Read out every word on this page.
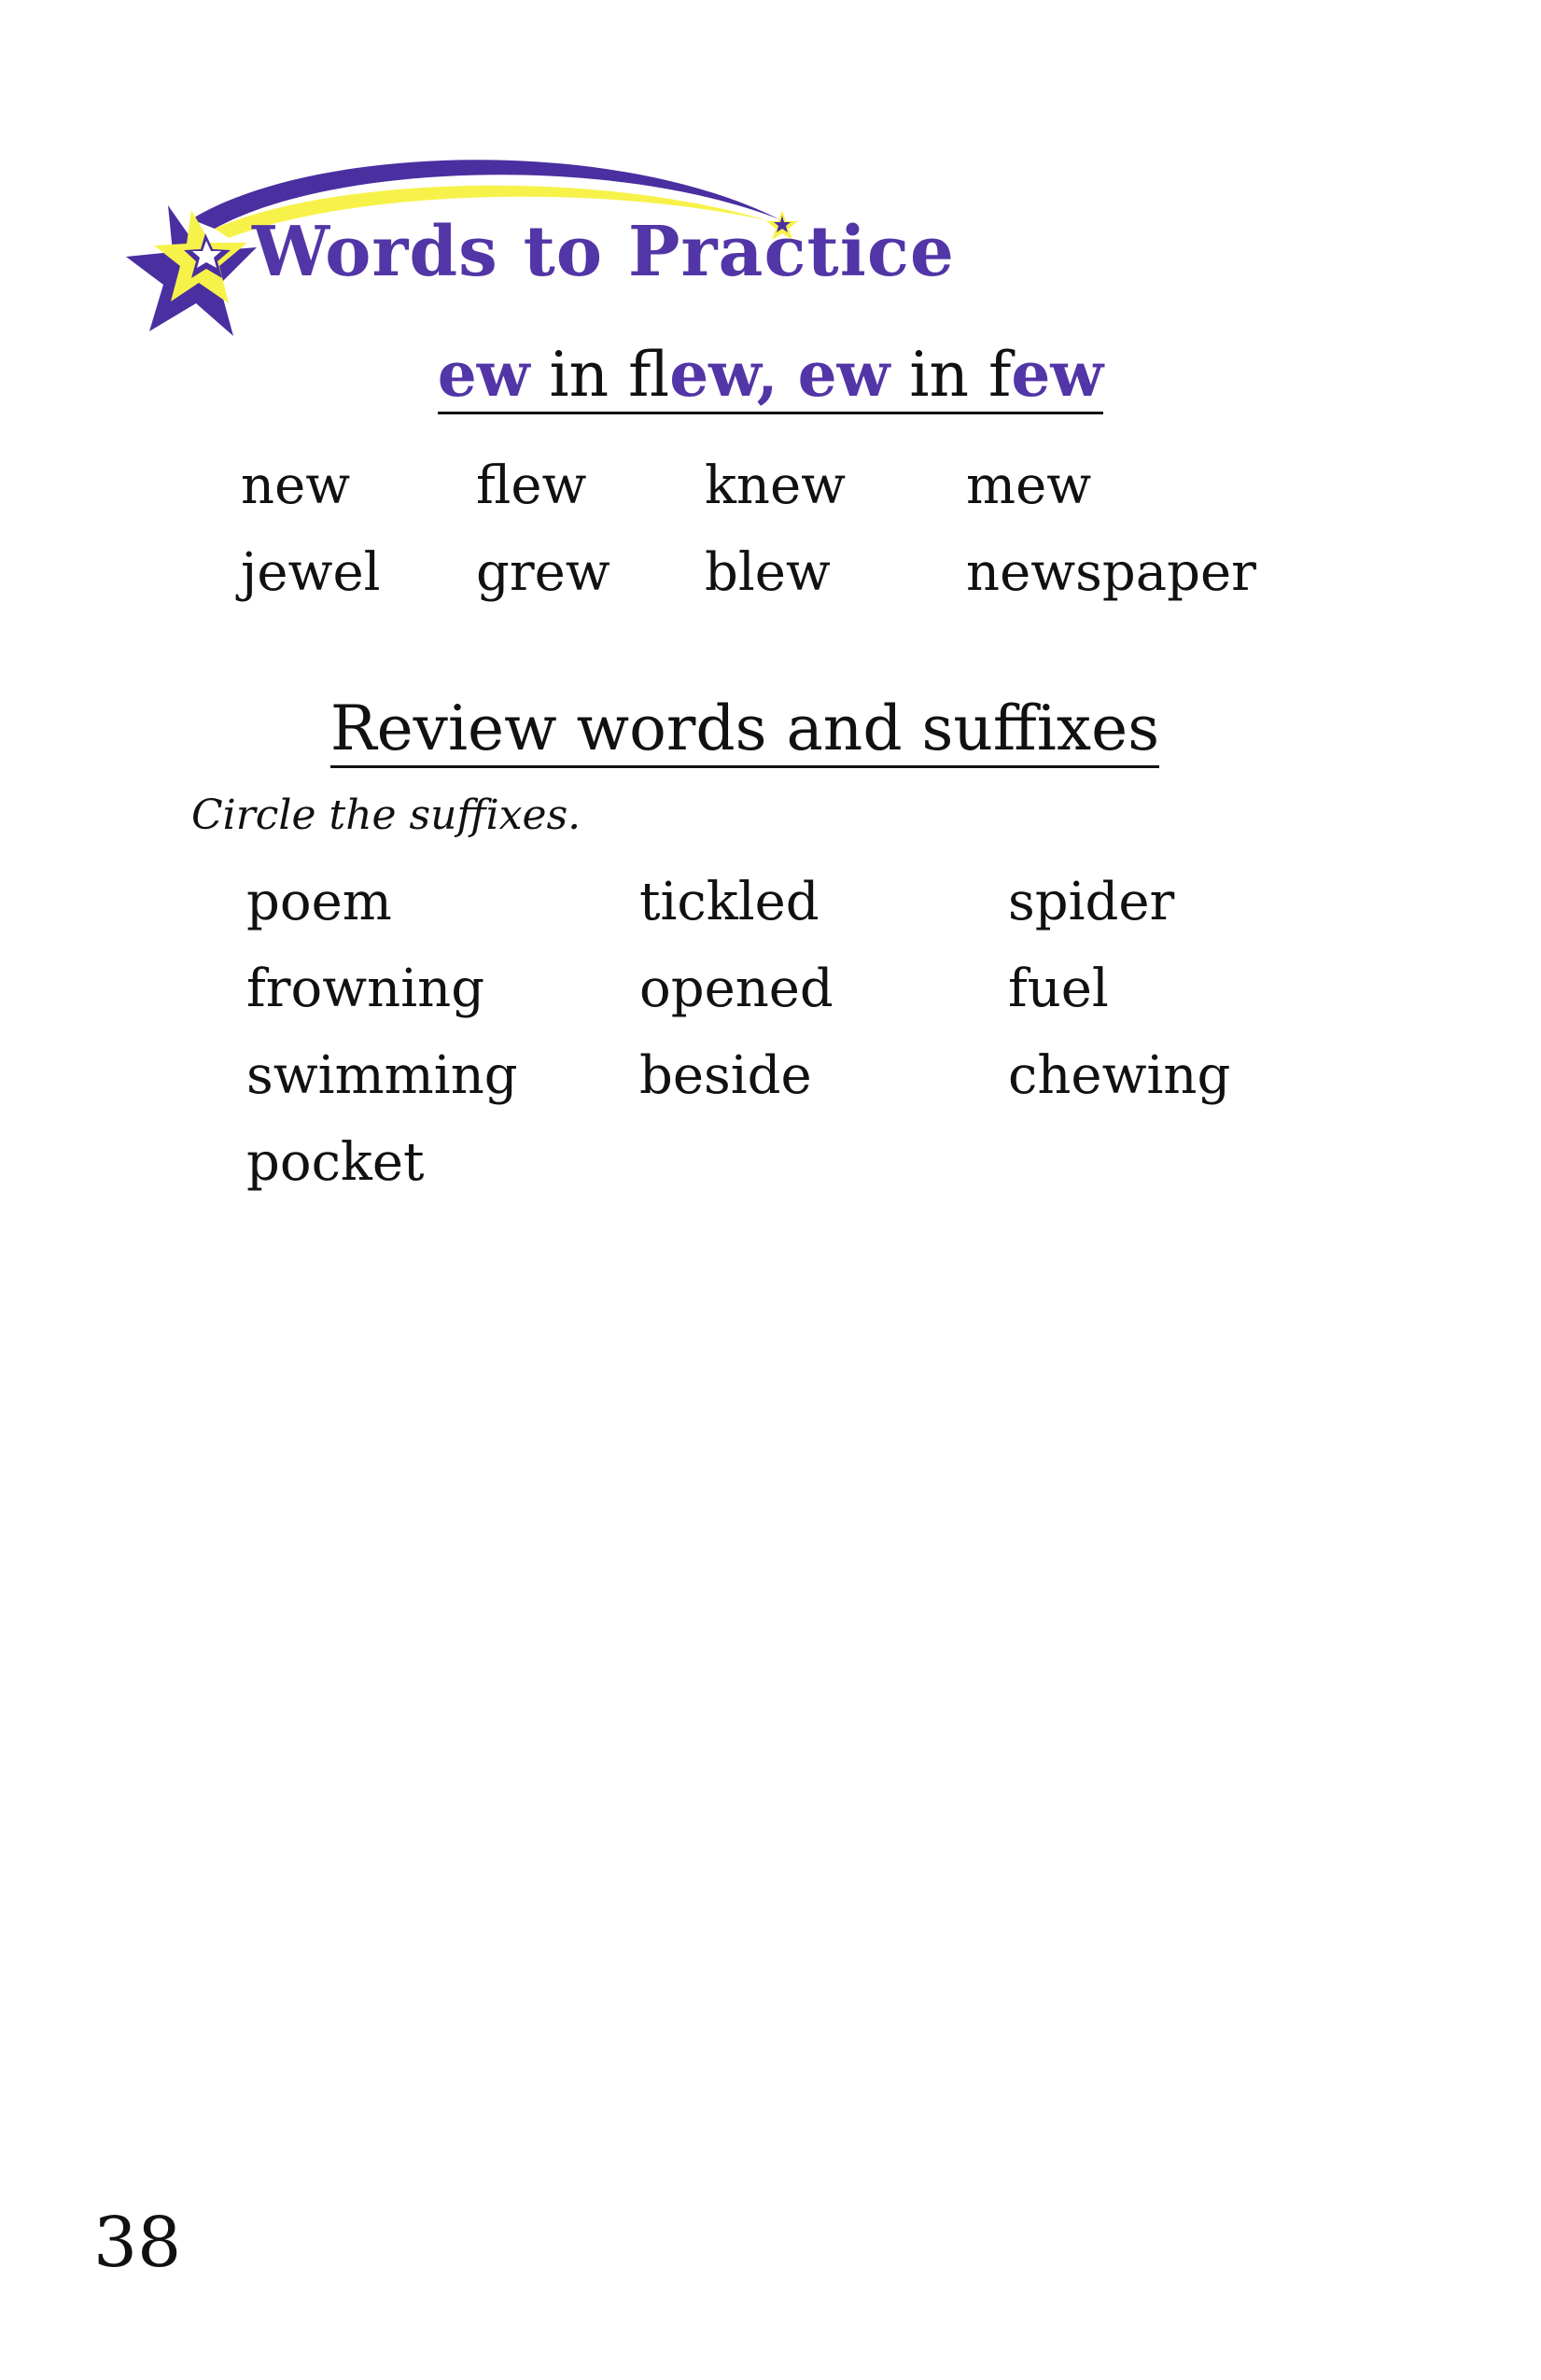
Words to Practice
ew in flew, ew in few
new flew knew mew
jewel grew blew	newspaper
Review words and suffixes

Circle the suffixes.

poem	tickled	spider
frowning	opened	fuel
swimming beside	chewing
pocket

38
